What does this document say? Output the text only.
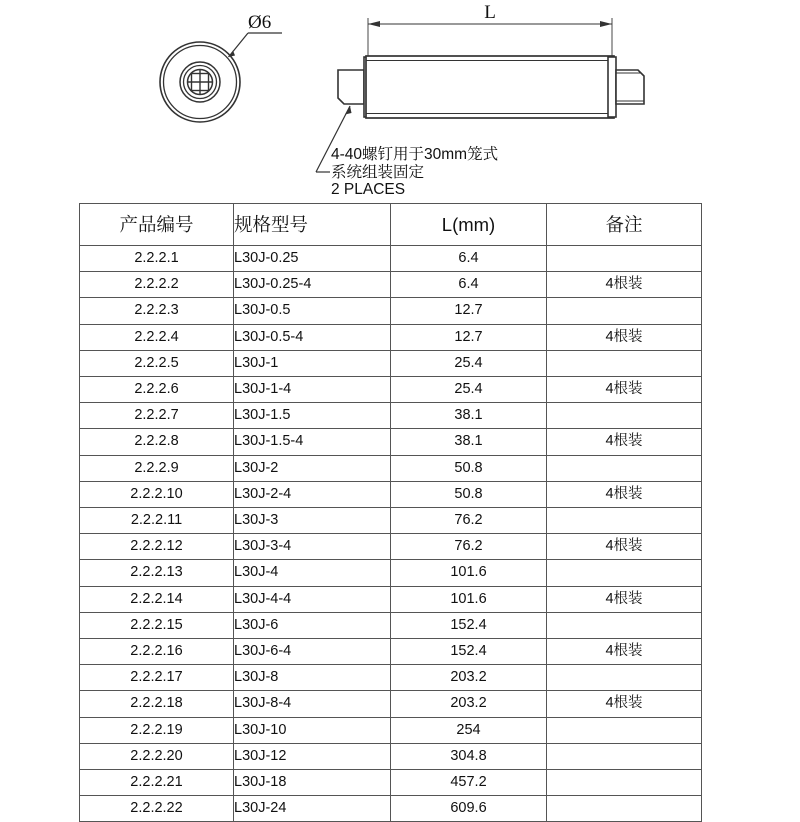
Ø6	L
4-40螺钉用于30mm笼式
系统组装固定
2 PLACES
产品编号	规格型号	L(mm)	备注
2.2.2.1	L30J-0.25	6.4	
2.2.2.2	L30J-0.25-4	6.4	4根装
2.2.2.3	L30J-0.5	12.7	
2.2.2.4	L30J-0.5-4	12.7	4根装
2.2.2.5	L30J-1	25.4	
2.2.2.6	L30J-1-4	25.4	4根装
2.2.2.7	L30J-1.5	38.1	
2.2.2.8	L30J-1.5-4	38.1	4根装
2.2.2.9	L30J-2	50.8	
2.2.2.10	L30J-2-4	50.8	4根装
2.2.2.11	L30J-3	76.2	
2.2.2.12	L30J-3-4	76.2	4根装
2.2.2.13	L30J-4	101.6	
2.2.2.14	L30J-4-4	101.6	4根装
2.2.2.15	L30J-6	152.4	
2.2.2.16	L30J-6-4	152.4	4根装
2.2.2.17	L30J-8	203.2	
2.2.2.18	L30J-8-4	203.2	4根装
2.2.2.19	L30J-10	254	
2.2.2.20	L30J-12	304.8	
2.2.2.21	L30J-18	457.2	
2.2.2.22	L30J-24	609.6	
